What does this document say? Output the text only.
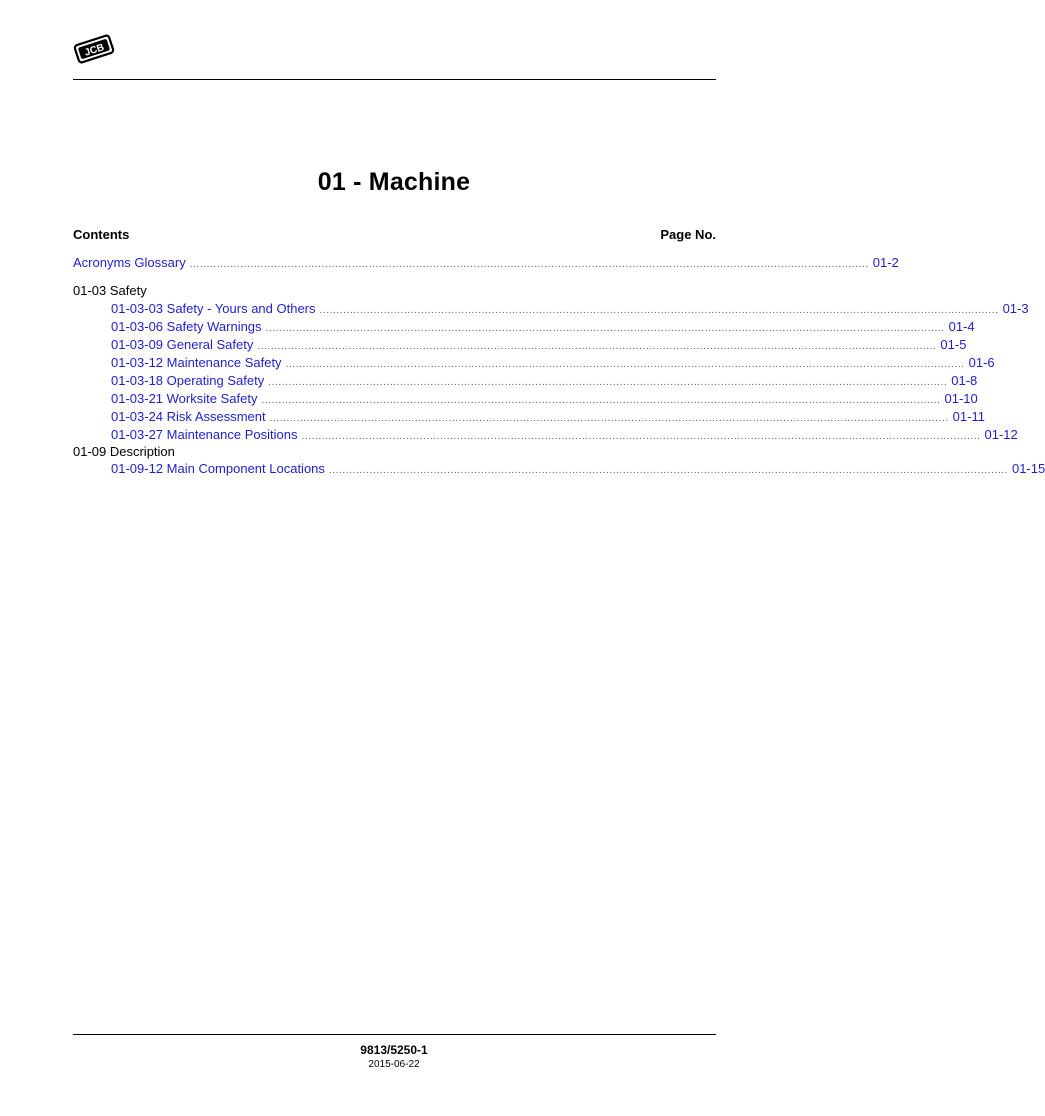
JCB
01 - Machine
Contents	Page No.
Acronyms Glossary ......................................................................................................................................................................................................... 01-2
01-03 Safety
01-03-03 Safety - Yours and Others ......................................................................................................................................................................................................... 01-3
01-03-06 Safety Warnings ......................................................................................................................................................................................................... 01-4
01-03-09 General Safety ......................................................................................................................................................................................................... 01-5
01-03-12 Maintenance Safety ......................................................................................................................................................................................................... 01-6
01-03-18 Operating Safety ......................................................................................................................................................................................................... 01-8
01-03-21 Worksite Safety ......................................................................................................................................................................................................... 01-10
01-03-24 Risk Assessment ......................................................................................................................................................................................................... 01-11
01-03-27 Maintenance Positions ......................................................................................................................................................................................................... 01-12
01-09 Description
01-09-12 Main Component Locations ......................................................................................................................................................................................................... 01-15
9813/5250-1
2015-06-22
